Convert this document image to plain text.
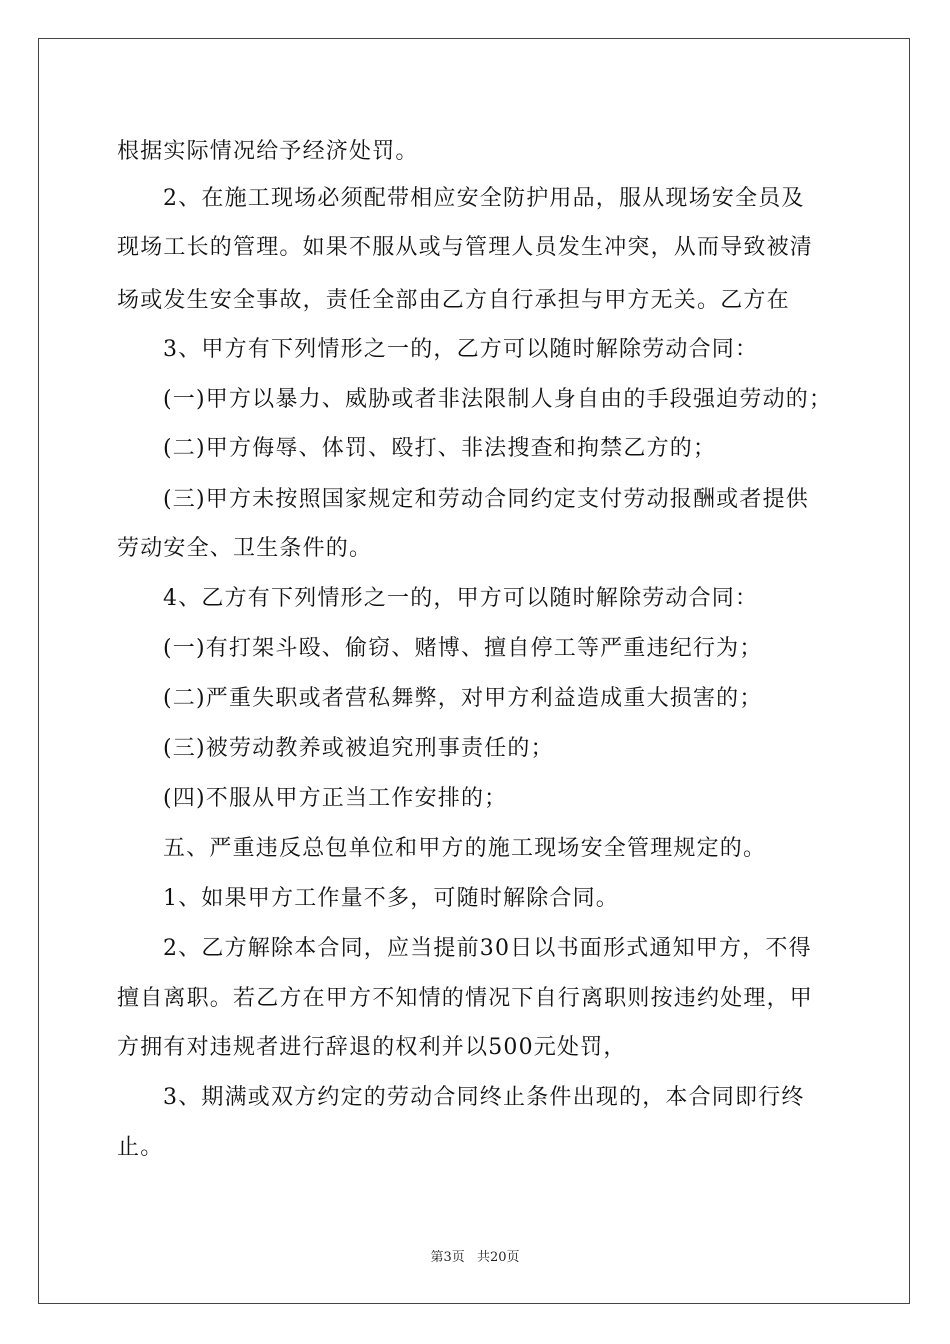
根据实际情况给予经济处罚。
2、在施工现场必须配带相应安全防护用品，服从现场安全员及
现场工长的管理。如果不服从或与管理人员发生冲突，从而导致被清
场或发生安全事故，责任全部由乙方自行承担与甲方无关。乙方在
3、甲方有下列情形之一的，乙方可以随时解除劳动合同：
(一)甲方以暴力、威胁或者非法限制人身自由的手段强迫劳动的；
(二)甲方侮辱、体罚、殴打、非法搜查和拘禁乙方的；
(三)甲方未按照国家规定和劳动合同约定支付劳动报酬或者提供
劳动安全、卫生条件的。
4、乙方有下列情形之一的，甲方可以随时解除劳动合同：
(一)有打架斗殴、偷窃、赌博、擅自停工等严重违纪行为；
(二)严重失职或者营私舞弊，对甲方利益造成重大损害的；
(三)被劳动教养或被追究刑事责任的；
(四)不服从甲方正当工作安排的；
五、严重违反总包单位和甲方的施工现场安全管理规定的。
1、如果甲方工作量不多，可随时解除合同。
2、乙方解除本合同，应当提前30日以书面形式通知甲方，不得
擅自离职。若乙方在甲方不知情的情况下自行离职则按违约处理，甲
方拥有对违规者进行辞退的权利并以500元处罚，
3、期满或双方约定的劳动合同终止条件出现的，本合同即行终
止。
第3页 共20页
